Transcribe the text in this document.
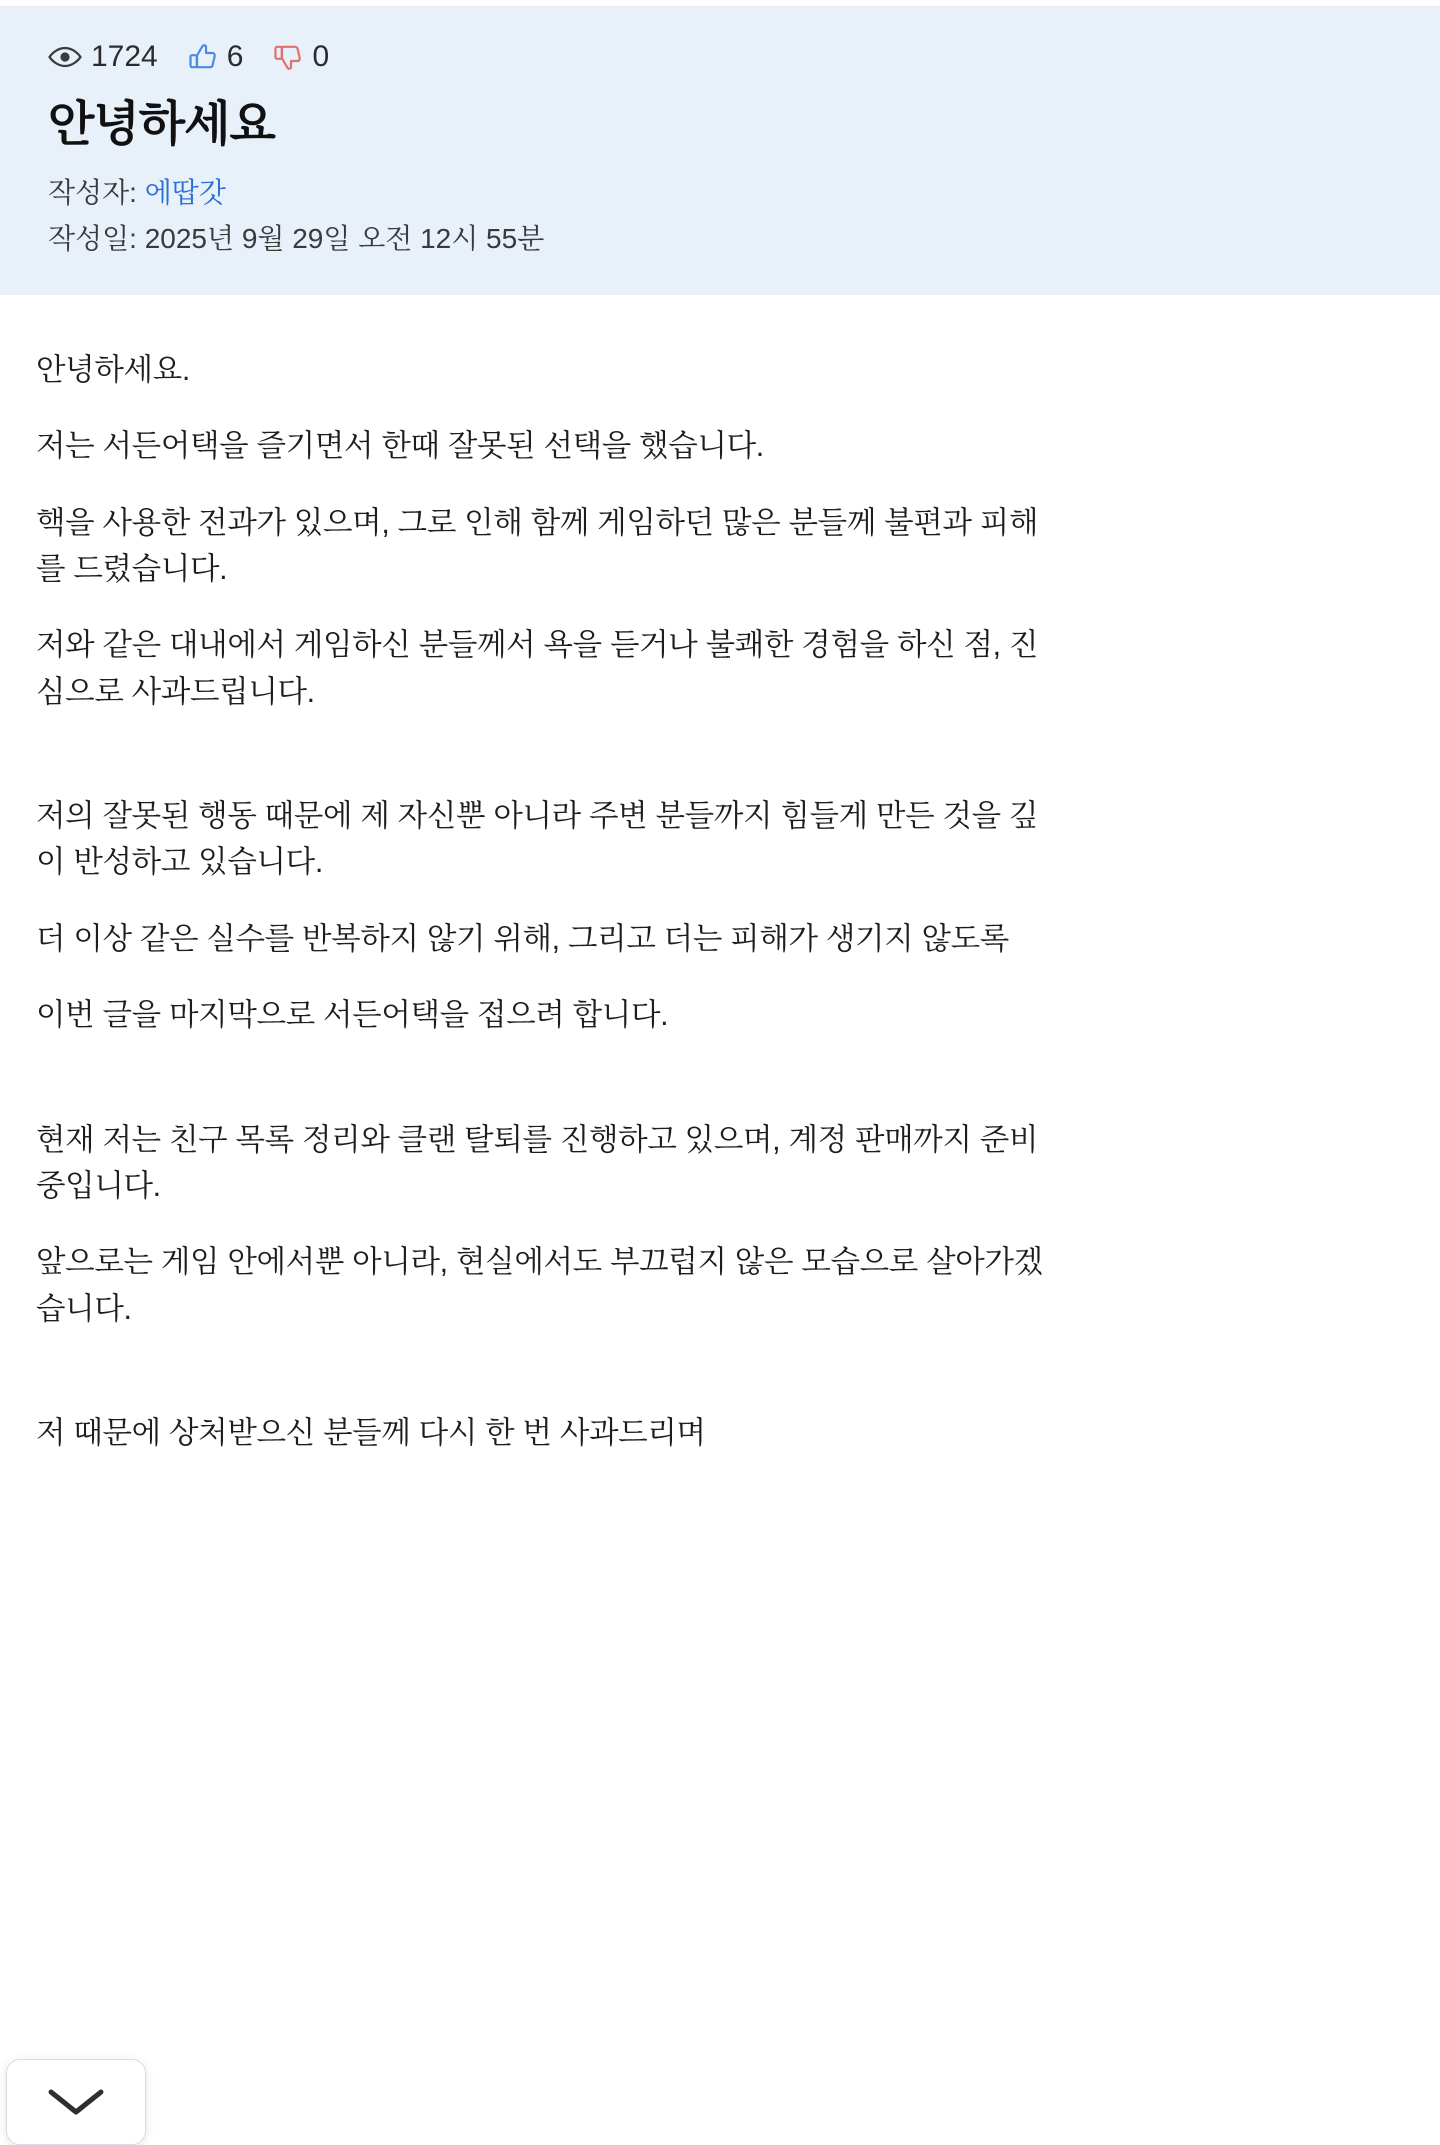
1724 6 0
안녕하세요
작성자: 에땁갓
작성일: 2025년 9월 29일 오전 12시 55분

안녕하세요.

저는 서든어택을 즐기면서 한때 잘못된 선택을 했습니다.

핵을 사용한 전과가 있으며, 그로 인해 함께 게임하던 많은 분들께 불편과 피해를 드렸습니다.

저와 같은 대내에서 게임하신 분들께서 욕을 듣거나 불쾌한 경험을 하신 점, 진심으로 사과드립니다.

저의 잘못된 행동 때문에 제 자신뿐 아니라 주변 분들까지 힘들게 만든 것을 깊이 반성하고 있습니다.

더 이상 같은 실수를 반복하지 않기 위해, 그리고 더는 피해가 생기지 않도록

이번 글을 마지막으로 서든어택을 접으려 합니다.

현재 저는 친구 목록 정리와 클랜 탈퇴를 진행하고 있으며, 계정 판매까지 준비 중입니다.

앞으로는 게임 안에서뿐 아니라, 현실에서도 부끄럽지 않은 모습으로 살아가겠습니다.

저 때문에 상처받으신 분들께 다시 한 번 사과드리며
